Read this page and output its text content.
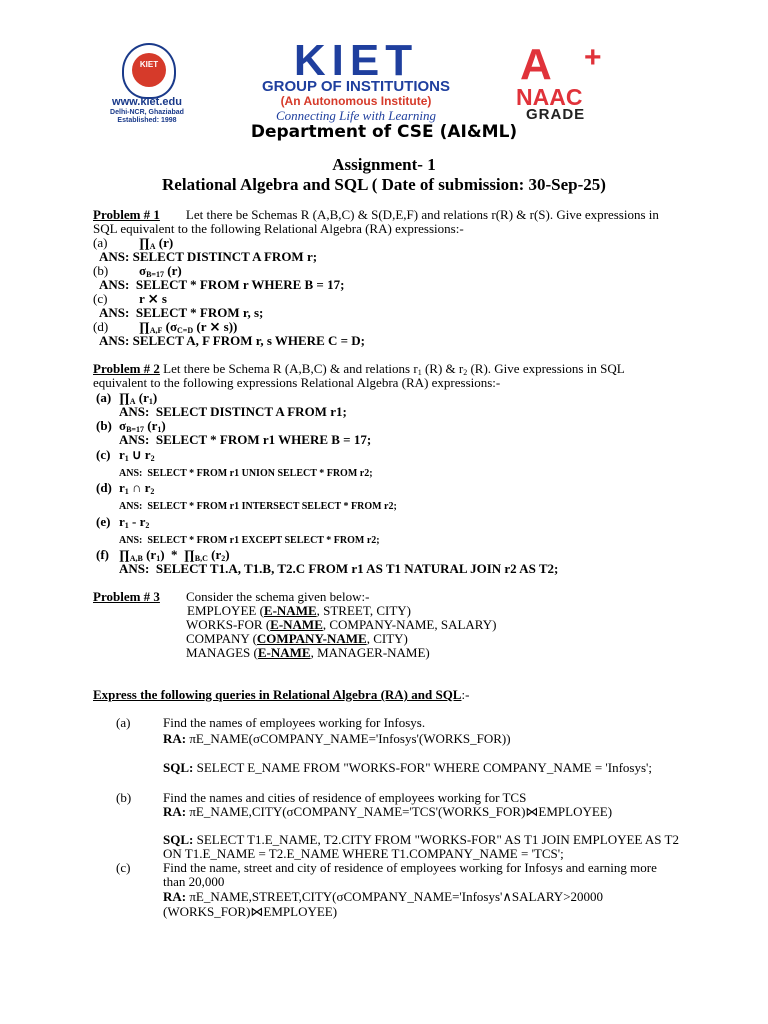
KIET
www.kiet.edu
Delhi-NCR, Ghaziabad
Established: 1998
KIET
GROUP OF INSTITUTIONS
(An Autonomous Institute)
Connecting Life with Learning
A +
NAAC
GRADE
Department of CSE (AI&ML)
Assignment- 1
Relational Algebra and SQL ( Date of submission: 30-Sep-25)
Problem # 1 Let there be Schemas R (A,B,C) & S(D,E,F) and relations r(R) & r(S). Give expressions in
SQL equivalent to the following Relational Algebra (RA) expressions:-
(a) ∏A (r)
ANS: SELECT DISTINCT A FROM r;
(b) σB=17 (r)
ANS: SELECT * FROM r WHERE B = 17;
(c) r ⨯ s
ANS: SELECT * FROM r, s;
(d) ∏A,F (σC=D (r ⨯ s))
ANS: SELECT A, F FROM r, s WHERE C = D;
Problem # 2 Let there be Schema R (A,B,C) & and relations r1 (R) & r2 (R). Give expressions in SQL
equivalent to the following expressions Relational Algebra (RA) expressions:-
(a) ∏A (r1)
ANS: SELECT DISTINCT A FROM r1;
(b) σB=17 (r1)
ANS: SELECT * FROM r1 WHERE B = 17;
(c) r1 ∪ r2
ANS: SELECT * FROM r1 UNION SELECT * FROM r2;
(d) r1 ∩ r2
ANS: SELECT * FROM r1 INTERSECT SELECT * FROM r2;
(e) r1 - r2
ANS: SELECT * FROM r1 EXCEPT SELECT * FROM r2;
(f) ∏A,B (r1)  *  ∏B,C (r2)
ANS: SELECT T1.A, T1.B, T2.C FROM r1 AS T1 NATURAL JOIN r2 AS T2;
Problem # 3 Consider the schema given below:-
EMPLOYEE (E-NAME, STREET, CITY)
WORKS-FOR (E-NAME, COMPANY-NAME, SALARY)
COMPANY (COMPANY-NAME, CITY)
MANAGES (E-NAME, MANAGER-NAME)
Express the following queries in Relational Algebra (RA) and SQL:-
(a)	Find the names of employees working for Infosys.
RA: πE_NAME(σCOMPANY_NAME='Infosys'(WORKS_FOR))
SQL: SELECT E_NAME FROM "WORKS-FOR" WHERE COMPANY_NAME = 'Infosys';
(b) Find the names and cities of residence of employees working for TCS
RA: πE_NAME,CITY(σCOMPANY_NAME='TCS'(WORKS_FOR)⋈EMPLOYEE)
SQL: SELECT T1.E_NAME, T2.CITY FROM "WORKS-FOR" AS T1 JOIN EMPLOYEE AS T2
ON T1.E_NAME = T2.E_NAME WHERE T1.COMPANY_NAME = 'TCS';
(c)	Find the name, street and city of residence of employees working for Infosys and earning more
than 20,000
RA: πE_NAME,STREET,CITY(σCOMPANY_NAME='Infosys'∧SALARY>20000
(WORKS_FOR)⋈EMPLOYEE)
